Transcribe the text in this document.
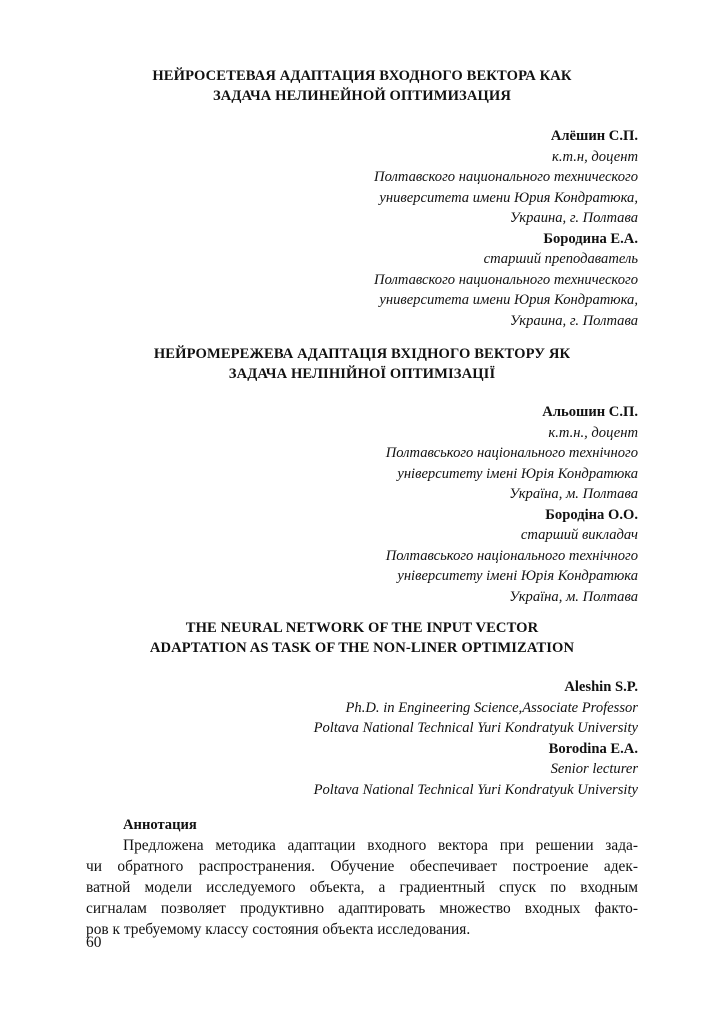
НЕЙРОСЕТЕВАЯ АДАПТАЦИЯ ВХОДНОГО ВЕКТОРА КАК
ЗАДАЧА НЕЛИНЕЙНОЙ ОПТИМИЗАЦИЯ
Алёшин С.П.
к.т.н, доцент
Полтавского национального технического
университета имени Юрия Кондратюка,
Украина, г. Полтава
Бородина Е.А.
старший преподаватель
Полтавского национального технического
университета имени Юрия Кондратюка,
Украина, г. Полтава
НЕЙРОМЕРЕЖЕВА АДАПТАЦІЯ ВХІДНОГО ВЕКТОРУ ЯК
ЗАДАЧА НЕЛІНІЙНОЇ ОПТИМІЗАЦІЇ
Альошин С.П.
к.т.н., доцент
Полтавського національного технічного
університету імені Юрія Кондратюка
Україна, м. Полтава
Бородіна О.О.
старший викладач
Полтавського національного технічного
університету імені Юрія Кондратюка
Україна, м. Полтава
THE NEURAL NETWORK OF THE INPUT VECTOR
ADAPTATION AS TASK OF THE NON-LINER OPTIMIZATION
Aleshin S.P.
Ph.D. in Engineering Science,Associate Professor
Poltava National Technical Yuri Kondratyuk University
Borodina E.A.
Senior lecturer
Poltava National Technical Yuri Kondratyuk University
Аннотация
Предложена методика адаптации входного вектора при решении зада-
чи обратного распространения. Обучение обеспечивает построение адек-
ватной модели исследуемого объекта, а градиентный спуск по входным
сигналам позволяет продуктивно адаптировать множество входных факто-
ров к требуемому классу состояния объекта исследования.
60
